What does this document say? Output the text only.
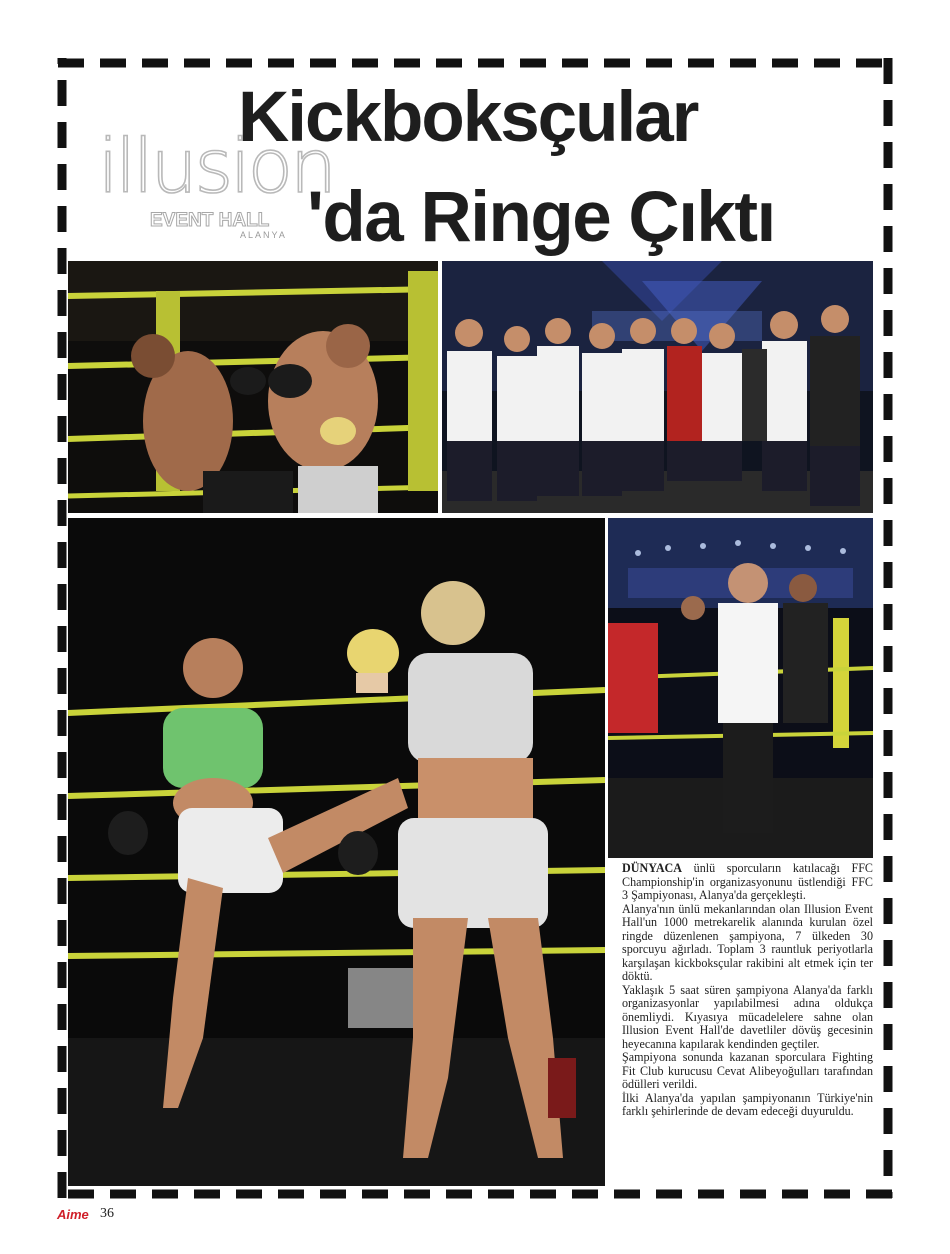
Kickboksçular
'da Ringe Çıktı
illusion
EVENT HALL
ALANYA

DÜNYACA ünlü sporcuların katılacağı FFC Championship'in organizasyonunu üstlendiği FFC 3 Şampiyonası, Alanya'da gerçekleşti.

Alanya'nın ünlü mekanlarından olan Illusion Event Hall'un 1000 metrekarelik alanında kurulan özel ringde düzenlenen şampiyona, 7 ülkeden 30 sporcuyu ağırladı. Toplam 3 rauntluk periyotlarla karşılaşan kickboksçular rakibini alt etmek için ter döktü.

Yaklaşık 5 saat süren şampiyona Alanya'da farklı organizasyonlar yapılabilmesi adına oldukça önemliydi. Kıyasıya mücadelelere sahne olan Illusion Event Hall'de davetliler dövüş gecesinin heyecanına kapılarak kendinden geçtiler.

Şampiyona sonunda kazanan sporculara Fighting Fit Club kurucusu Cevat Alibeyoğulları tarafından ödülleri verildi.

İlki Alanya'da yapılan şampiyonanın Türkiye'nin farklı şehirlerinde de devam edeceği duyuruldu.

Aime 36
